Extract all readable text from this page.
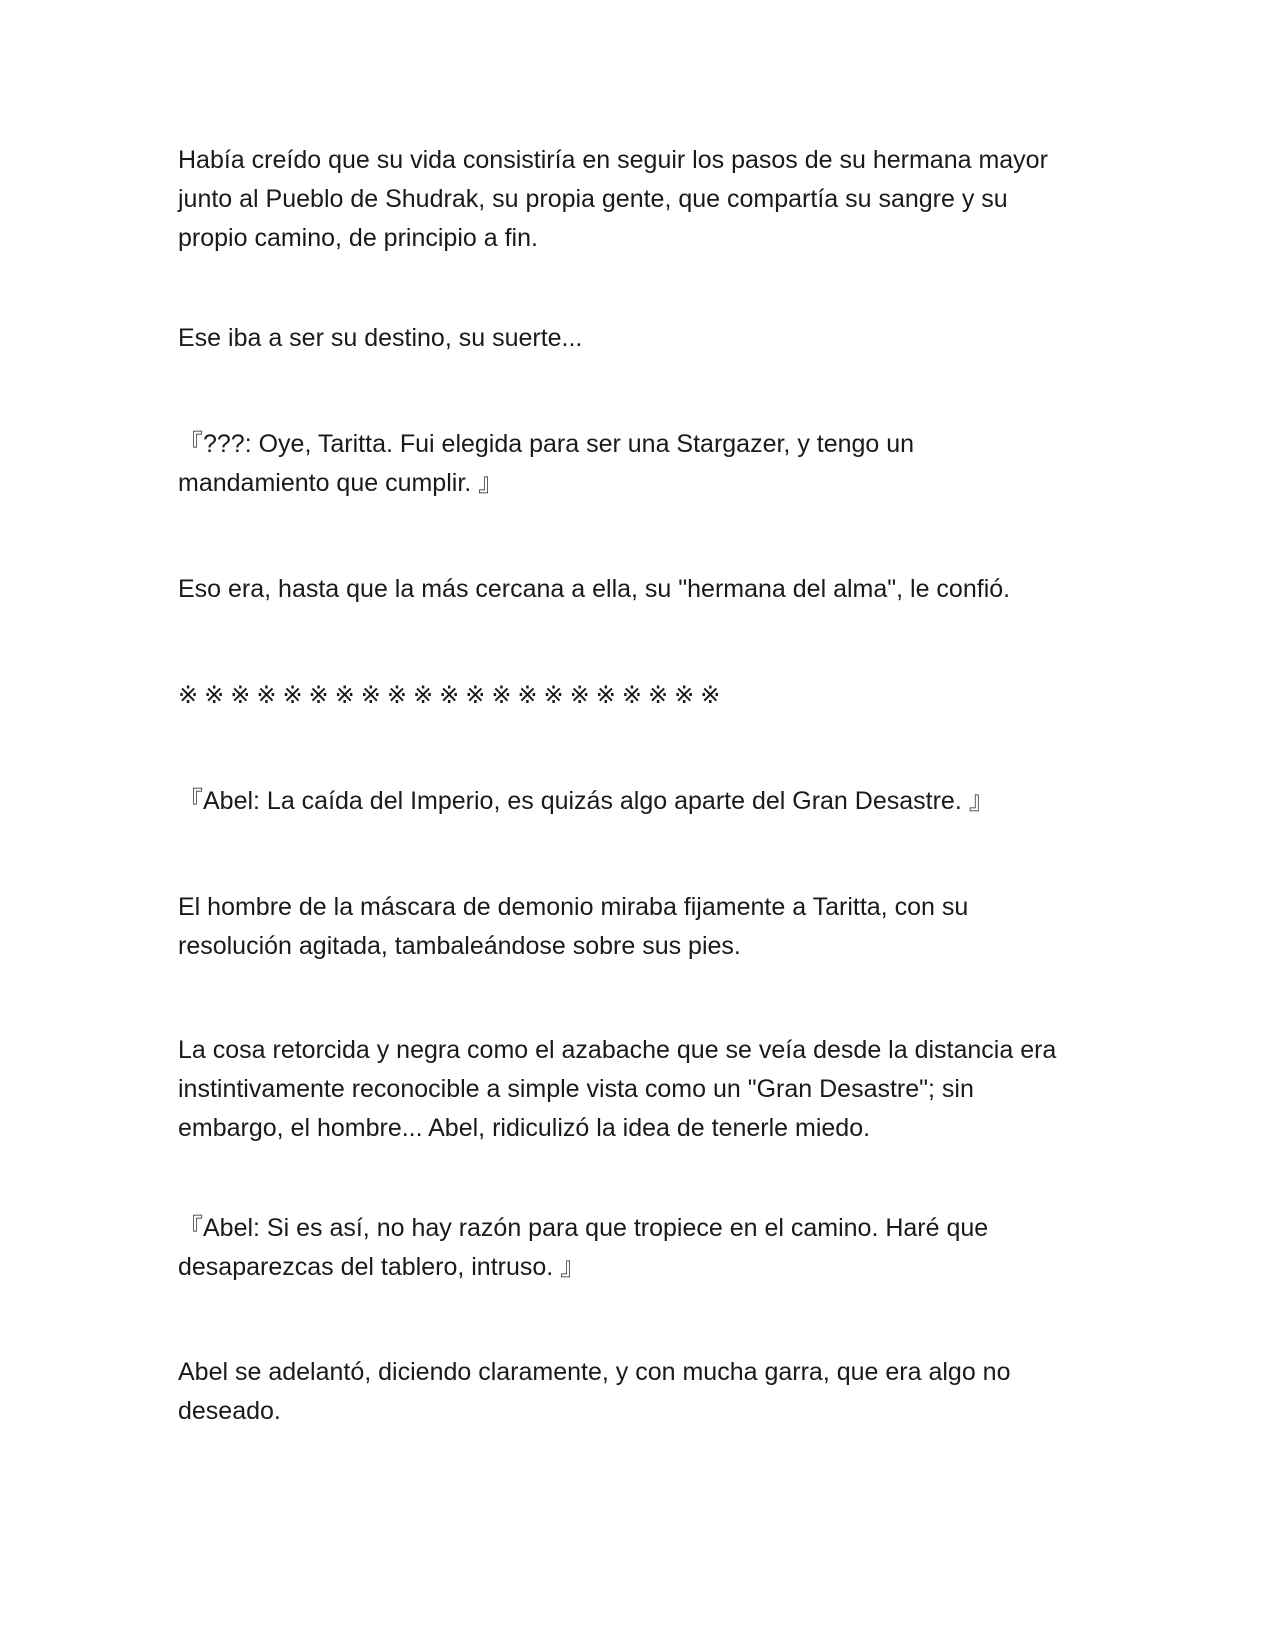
Había creído que su vida consistiría en seguir los pasos de su hermana mayor
junto al Pueblo de Shudrak, su propia gente, que compartía su sangre y su
propio camino, de principio a fin.

Ese iba a ser su destino, su suerte...

『???: Oye, Taritta. Fui elegida para ser una Stargazer, y tengo un
mandamiento que cumplir. 』

Eso era, hasta que la más cercana a ella, su "hermana del alma", le confió.

※※※※※※※※※※※※※※※※※※※※※

『Abel: La caída del Imperio, es quizás algo aparte del Gran Desastre. 』

El hombre de la máscara de demonio miraba fijamente a Taritta, con su
resolución agitada, tambaleándose sobre sus pies.

La cosa retorcida y negra como el azabache que se veía desde la distancia era
instintivamente reconocible a simple vista como un "Gran Desastre"; sin
embargo, el hombre... Abel, ridiculizó la idea de tenerle miedo.

『Abel: Si es así, no hay razón para que tropiece en el camino. Haré que
desaparezcas del tablero, intruso. 』

Abel se adelantó, diciendo claramente, y con mucha garra, que era algo no
deseado.
